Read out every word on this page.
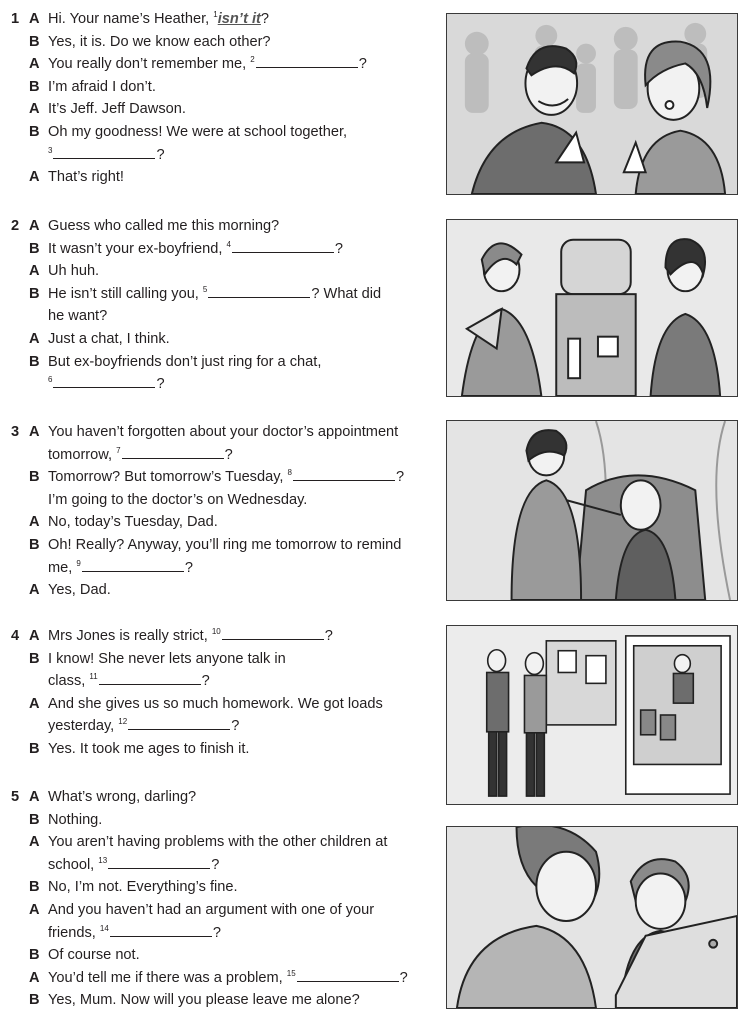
1 A Hi. Your name’s Heather, $^1$isn’t it?
B Yes, it is. Do we know each other?
A You really don’t remember me, $^2$	?
B I’m afraid I don’t.
A It’s Jeff. Jeff Dawson.
B Oh my goodness! We were at school together,
$^3$	?
A That’s right!
2 A Guess who called me this morning?
B It wasn’t your ex-boyfriend, $^4$	?
A Uh huh.
B He isn’t still calling you, $^5$	? What did
he want?
A Just a chat, I think.
B But ex-boyfriends don’t just ring for a chat,
$^6$	?
3 A You haven’t forgotten about your doctor’s appointment
tomorrow, $^7$	?
B Tomorrow? But tomorrow’s Tuesday, $^8$	?
I’m going to the doctor’s on Wednesday.
A No, today’s Tuesday, Dad.
B Oh! Really? Anyway, you’ll ring me tomorrow to remind
me, $^9$	?
A Yes, Dad.
4 A Mrs Jones is really strict, $^{10}$	?
B I know! She never lets anyone talk in
class, $^{11}$	?
A And she gives us so much homework. We got loads
yesterday, $^{12}$	?
B Yes. It took me ages to finish it.
5 A What’s wrong, darling?
B Nothing.
A You aren’t having problems with the other children at
school, $^{13}$	?
B No, I’m not. Everything’s fine.
A And you haven’t had an argument with one of your
friends, $^{14}$	?
B Of course not.
A You’d tell me if there was a problem, $^{15}$	?
B Yes, Mum. Now will you please leave me alone?
